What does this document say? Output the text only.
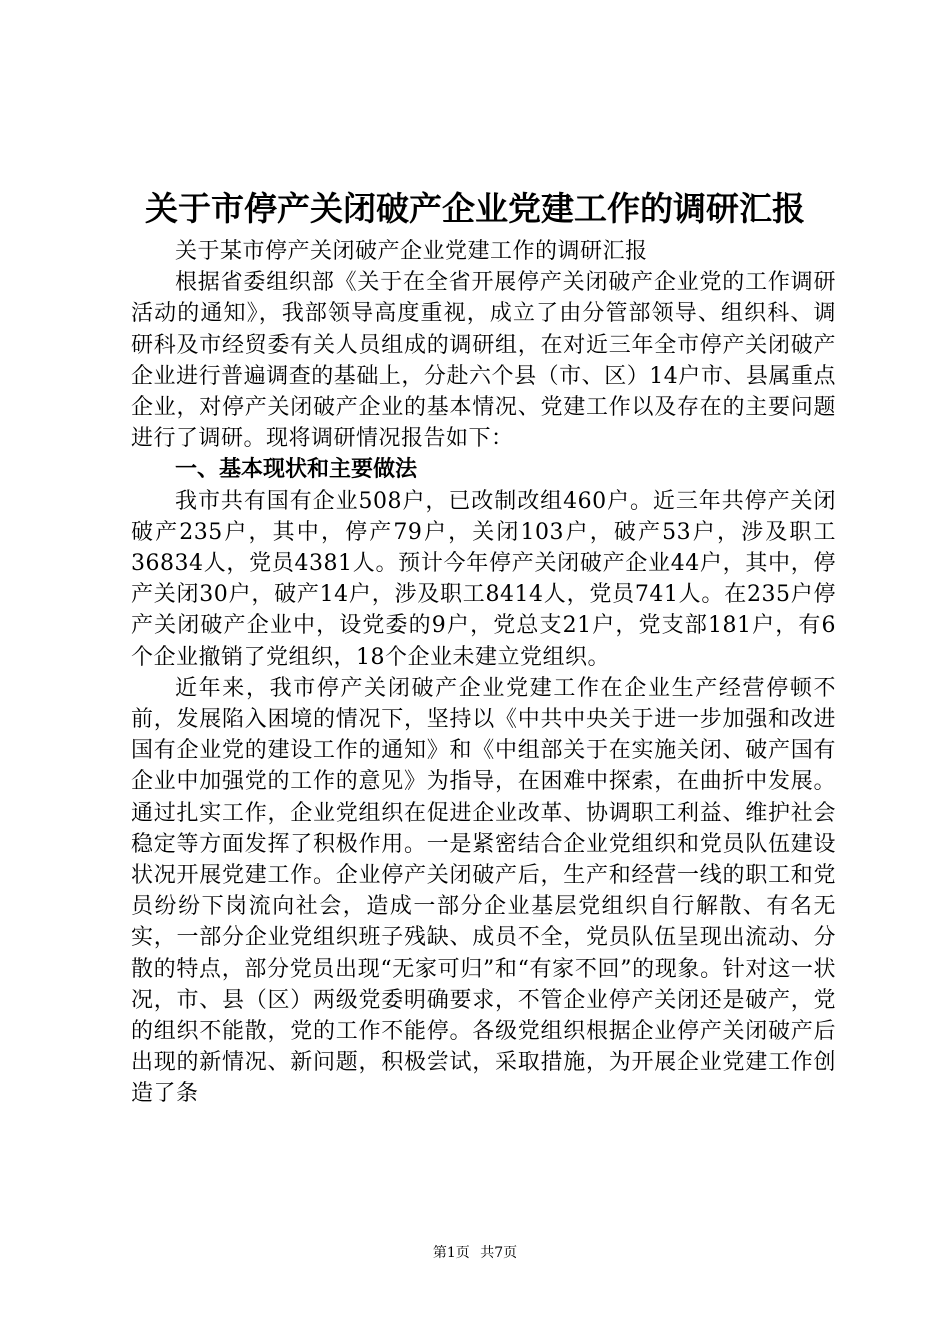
关于市停产关闭破产企业党建工作的调研汇报

关于某市停产关闭破产企业党建工作的调研汇报

根据省委组织部《关于在全省开展停产关闭破产企业党的工作调研活动的通知》，我部领导高度重视，成立了由分管部领导、组织科、调研科及市经贸委有关人员组成的调研组，在对近三年全市停产关闭破产企业进行普遍调查的基础上，分赴六个县（市、区）14户市、县属重点企业，对停产关闭破产企业的基本情况、党建工作以及存在的主要问题进行了调研。现将调研情况报告如下：

一、基本现状和主要做法

我市共有国有企业508户，已改制改组460户。近三年共停产关闭破产235户，其中，停产79户，关闭103户，破产53户，涉及职工36834人，党员4381人。预计今年停产关闭破产企业44户，其中，停产关闭30户，破产14户，涉及职工8414人，党员741人。在235户停产关闭破产企业中，设党委的9户，党总支21户，党支部181户，有6个企业撤销了党组织，18个企业未建立党组织。

近年来，我市停产关闭破产企业党建工作在企业生产经营停顿不前，发展陷入困境的情况下，坚持以《中共中央关于进一步加强和改进国有企业党的建设工作的通知》和《中组部关于在实施关闭、破产国有企业中加强党的工作的意见》为指导，在困难中探索，在曲折中发展。通过扎实工作，企业党组织在促进企业改革、协调职工利益、维护社会稳定等方面发挥了积极作用。一是紧密结合企业党组织和党员队伍建设状况开展党建工作。企业停产关闭破产后，生产和经营一线的职工和党员纷纷下岗流向社会，造成一部分企业基层党组织自行解散、有名无实，一部分企业党组织班子残缺、成员不全，党员队伍呈现出流动、分散的特点，部分党员出现“无家可归”和“有家不回”的现象。针对这一状况，市、县（区）两级党委明确要求，不管企业停产关闭还是破产，党的组织不能散，党的工作不能停。各级党组织根据企业停产关闭破产后出现的新情况、新问题，积极尝试，采取措施，为开展企业党建工作创造了条

第1页 共7页
